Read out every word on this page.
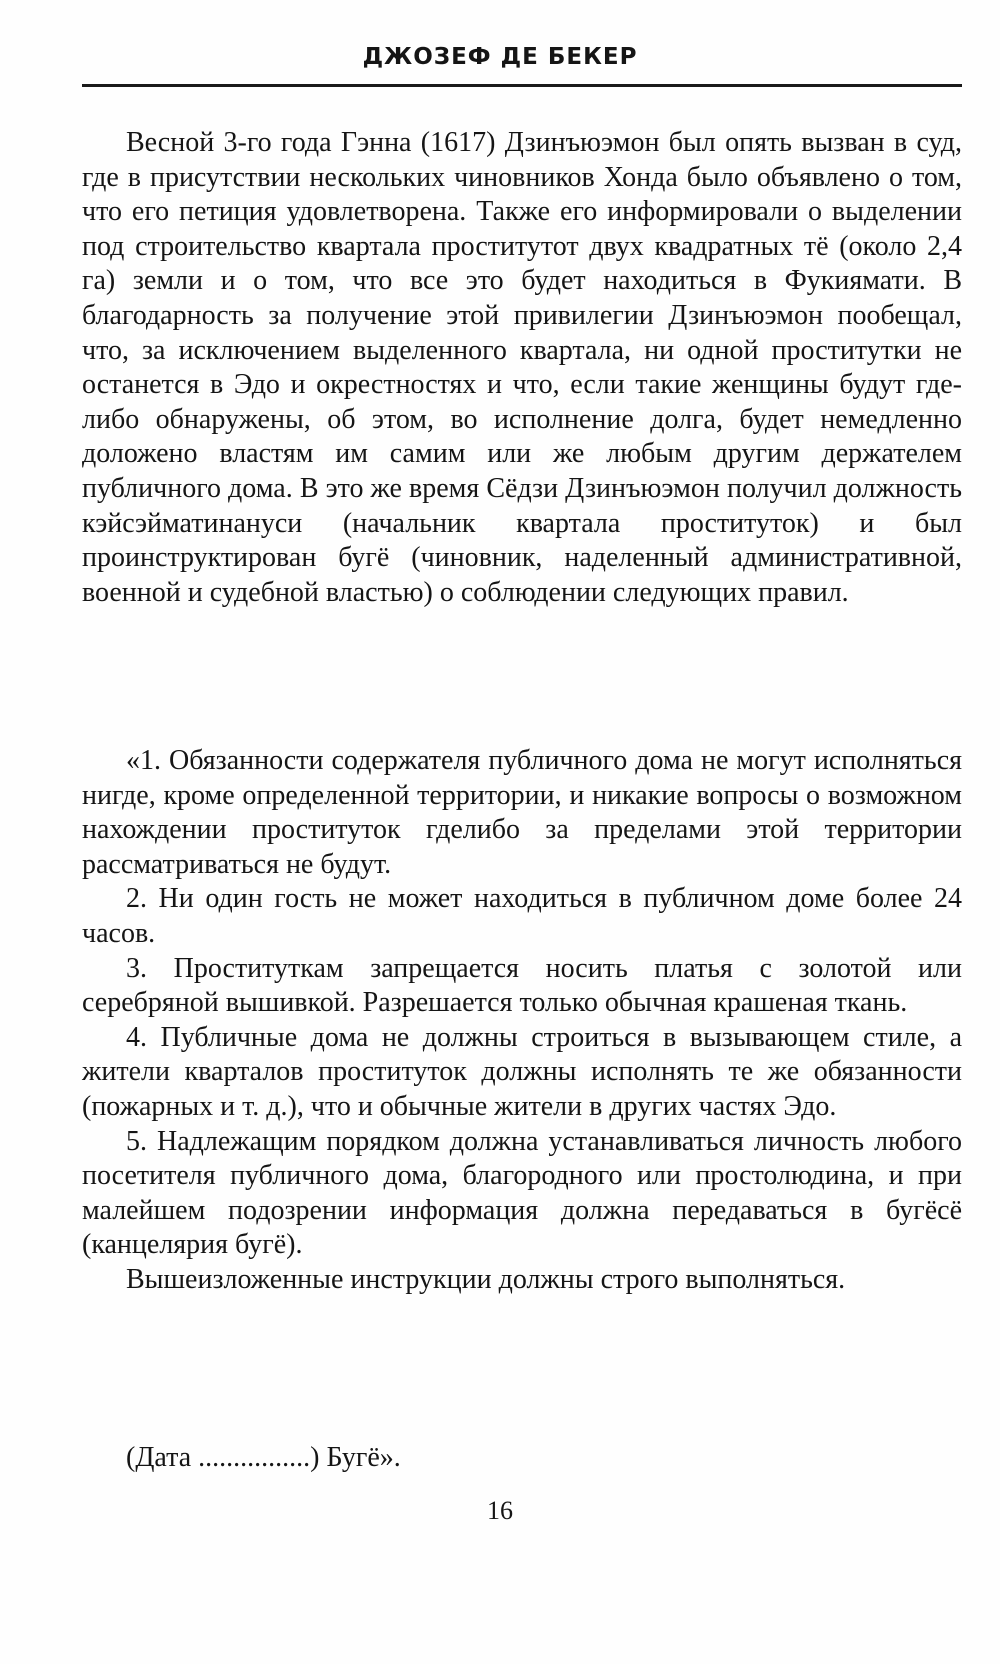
ДЖОЗЕФ ДЕ БЕКЕР

Весной 3-го года Гэнна (1617) Дзинъюэмон был опять вызван в суд, где в присутствии нескольких чиновников Хонда было объявлено о том, что его петиция удовлетворена. Также его информировали о выделении под строительство квартала проститутот двух квадратных тё (около 2,4 га) земли и о том, что все это будет находиться в Фукиямати. В благодарность за получение этой привилегии Дзинъюэмон пообещал, что, за исключением выделенного квартала, ни одной проститутки не останется в Эдо и окрестностях и что, если такие женщины будут где-либо обнаружены, об этом, во исполнение долга, будет немедленно доложено властям им самим или же любым другим держателем публичного дома. В это же время Сёдзи Дзинъюэмон получил должность кэйсэйматинануси (начальник квартала проституток) и был проинструктирован бугё (чиновник, наделенный административной, военной и судебной властью) о соблюдении следующих правил.

«1. Обязанности содержателя публичного дома не могут исполняться нигде, кроме определенной территории, и никакие вопросы о возможном нахождении проституток гделибо за пределами этой территории рассматриваться не будут.

2. Ни один гость не может находиться в публичном доме более 24 часов.

3. Проституткам запрещается носить платья с золотой или серебряной вышивкой. Разрешается только обычная крашеная ткань.

4. Публичные дома не должны строиться в вызывающем стиле, а жители кварталов проституток должны исполнять те же обязанности (пожарных и т. д.), что и обычные жители в других частях Эдо.

5. Надлежащим порядком должна устанавливаться личность любого посетителя публичного дома, благородного или простолюдина, и при малейшем подозрении информация должна передаваться в бугёсё (канцелярия бугё).

Вышеизложенные инструкции должны строго выполняться.

(Дата ................) Бугё».
16
